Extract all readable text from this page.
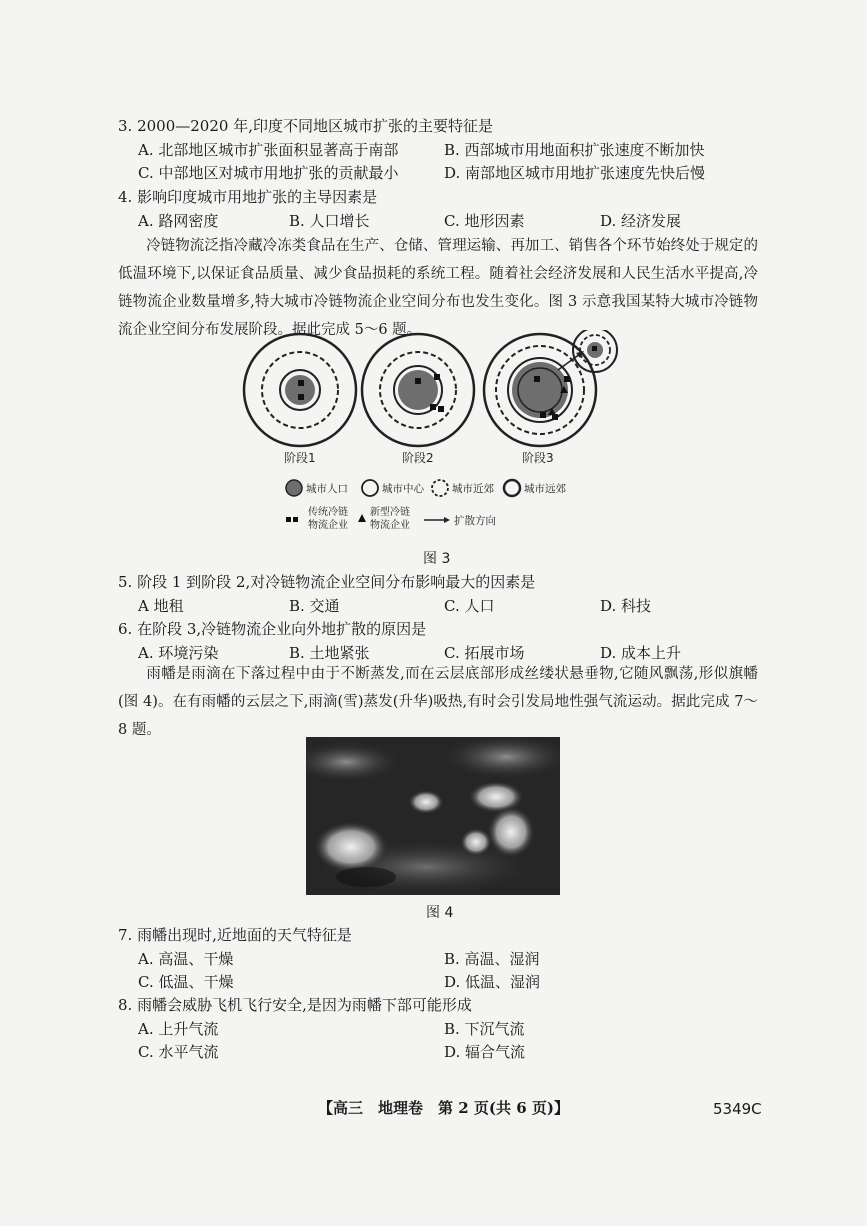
3. 2000—2020 年,印度不同地区城市扩张的主要特征是
A. 北部地区城市扩张面积显著高于南部	B. 西部城市用地面积扩张速度不断加快
C. 中部地区对城市用地扩张的贡献最小	D. 南部地区城市用地扩张速度先快后慢
4. 影响印度城市用地扩张的主导因素是
A. 路网密度	B. 人口增长	C. 地形因素	D. 经济发展
冷链物流泛指冷藏冷冻类食品在生产、仓储、管理运输、再加工、销售各个环节始终处于规定的低温环境下,以保证食品质量、减少食品损耗的系统工程。随着社会经济发展和人民生活水平提高,冷链物流企业数量增多,特大城市冷链物流企业空间分布也发生变化。图 3 示意我国某特大城市冷链物流企业空间分布发展阶段。据此完成 5～6 题。
阶段1	阶段2	阶段3
城市人口	城市中心	城市近郊	城市远郊
传统冷链
物流企业
新型冷链
物流企业	扩散方向
图 3
5. 阶段 1 到阶段 2,对冷链物流企业空间分布影响最大的因素是
A 地租	B. 交通	C. 人口	D. 科技
6. 在阶段 3,冷链物流企业向外地扩散的原因是
A. 环境污染	B. 土地紧张	C. 拓展市场	D. 成本上升
雨幡是雨滴在下落过程中由于不断蒸发,而在云层底部形成丝缕状悬垂物,它随风飘荡,形似旗幡(图 4)。在有雨幡的云层之下,雨滴(雪)蒸发(升华)吸热,有时会引发局地性强气流运动。据此完成 7～8 题。
图 4
7. 雨幡出现时,近地面的天气特征是
A. 高温、干燥	B. 高温、湿润
C. 低温、干燥	D. 低温、湿润
8. 雨幡会威胁飞机飞行安全,是因为雨幡下部可能形成
A. 上升气流	B. 下沉气流
C. 水平气流	D. 辐合气流
【高三　地理卷　第 2 页(共 6 页)】	5349C
